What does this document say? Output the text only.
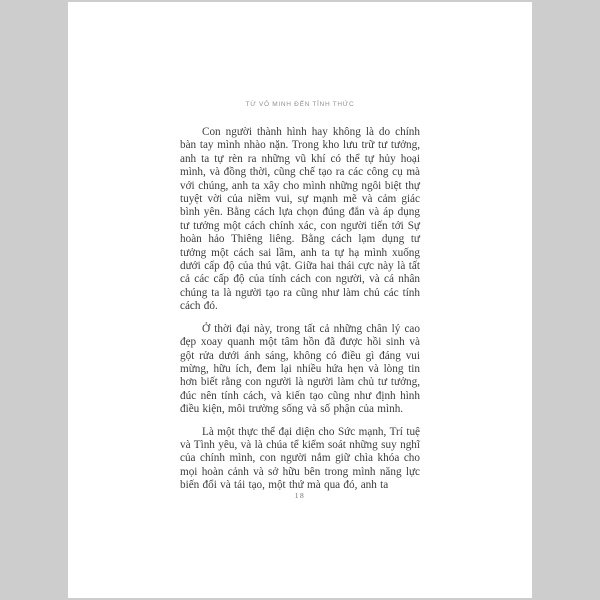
TỪ VÔ MINH ĐẾN TỈNH THỨC

Con người thành hình hay không là do chính bàn tay mình nhào nặn. Trong kho lưu trữ tư tưởng, anh ta tự rèn ra những vũ khí có thể tự hủy hoại mình, và đồng thời, cũng chế tạo ra các công cụ mà với chúng, anh ta xây cho mình những ngôi biệt thự tuyệt vời của niềm vui, sự mạnh mẽ và cảm giác bình yên. Bằng cách lựa chọn đúng đắn và áp dụng tư tưởng một cách chính xác, con người tiến tới Sự hoàn hảo Thiêng liêng. Bằng cách lạm dụng tư tưởng một cách sai lầm, anh ta tự hạ mình xuống dưới cấp độ của thú vật. Giữa hai thái cực này là tất cả các cấp độ của tính cách con người, và cá nhân chúng ta là người tạo ra cũng như làm chủ các tính cách đó.

Ở thời đại này, trong tất cả những chân lý cao đẹp xoay quanh một tâm hồn đã được hồi sinh và gột rửa dưới ánh sáng, không có điều gì đáng vui mừng, hữu ích, đem lại nhiều hứa hẹn và lòng tin hơn biết rằng con người là người làm chủ tư tưởng, đúc nên tính cách, và kiến tạo cũng như định hình điều kiện, môi trường sống và số phận của mình.

Là một thực thể đại diện cho Sức mạnh, Trí tuệ và Tình yêu, và là chúa tể kiểm soát những suy nghĩ của chính mình, con người nắm giữ chìa khóa cho mọi hoàn cảnh và sở hữu bên trong mình năng lực biến đổi và tái tạo, một thứ mà qua đó, anh ta

18
